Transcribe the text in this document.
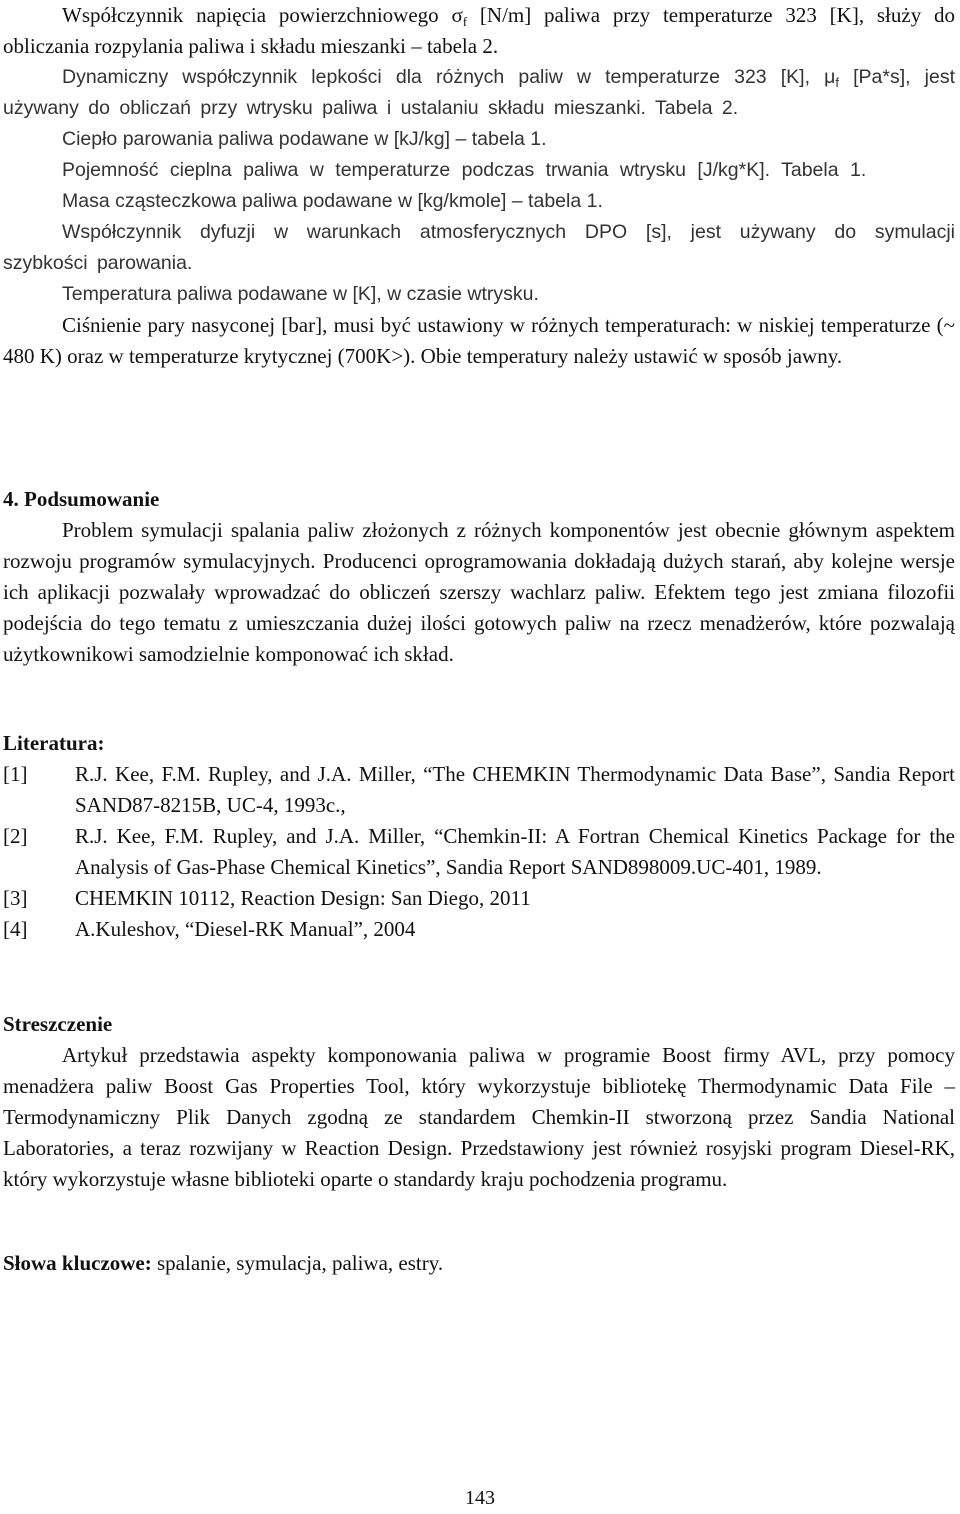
Współczynnik napięcia powierzchniowego $\sigma_f$ [N/m] paliwa przy temperaturze 323 [K], służy do obliczania rozpylania paliwa i składu mieszanki – tabela 2.

Dynamiczny współczynnik lepkości dla różnych paliw w temperaturze 323 [K], $\mu_f$ [Pa*s], jest używany do obliczań przy wtrysku paliwa i ustalaniu składu mieszanki. Tabela 2.

Ciepło parowania paliwa podawane w [kJ/kg] – tabela 1.

Pojemność cieplna paliwa w temperaturze podczas trwania wtrysku [J/kg*K]. Tabela 1.

Masa cząsteczkowa paliwa podawane w [kg/kmole] – tabela 1.

Współczynnik dyfuzji w warunkach atmosferycznych DPO [s], jest używany do symulacji szybkości parowania.

Temperatura paliwa podawane w [K], w czasie wtrysku.

Ciśnienie pary nasyconej [bar], musi być ustawiony w różnych temperaturach: w niskiej temperaturze (~ 480 K) oraz w temperaturze krytycznej (700K>). Obie temperatury należy ustawić w sposób jawny.

4. Podsumowanie

Problem symulacji spalania paliw złożonych z różnych komponentów jest obecnie głównym aspektem rozwoju programów symulacyjnych. Producenci oprogramowania dokładają dużych starań, aby kolejne wersje ich aplikacji pozwalały wprowadzać do obliczeń szerszy wachlarz paliw. Efektem tego jest zmiana filozofii podejścia do tego tematu z umieszczania dużej ilości gotowych paliw na rzecz menadżerów, które pozwalają użytkownikowi samodzielnie komponować ich skład.

Literatura:
[1]	R.J. Kee, F.M. Rupley, and J.A. Miller, “The CHEMKIN Thermodynamic Data Base”, Sandia Report SAND87-8215B, UC-4, 1993c.,
[2]	R.J. Kee, F.M. Rupley, and J.A. Miller, “Chemkin-II: A Fortran Chemical Kinetics Package for the Analysis of Gas-Phase Chemical Kinetics”, Sandia Report SAND898009.UC-401, 1989.
[3]	CHEMKIN 10112, Reaction Design: San Diego, 2011
[4]	A.Kuleshov, “Diesel-RK Manual”, 2004
Streszczenie

Artykuł przedstawia aspekty komponowania paliwa w programie Boost firmy AVL, przy pomocy menadżera paliw Boost Gas Properties Tool, który wykorzystuje bibliotekę Thermodynamic Data File – Termodynamiczny Plik Danych zgodną ze standardem Chemkin-II stworzoną przez Sandia National Laboratories, a teraz rozwijany w Reaction Design. Przedstawiony jest również rosyjski program Diesel-RK, który wykorzystuje własne biblioteki oparte o standardy kraju pochodzenia programu.

Słowa kluczowe: spalanie, symulacja, paliwa, estry.
143
